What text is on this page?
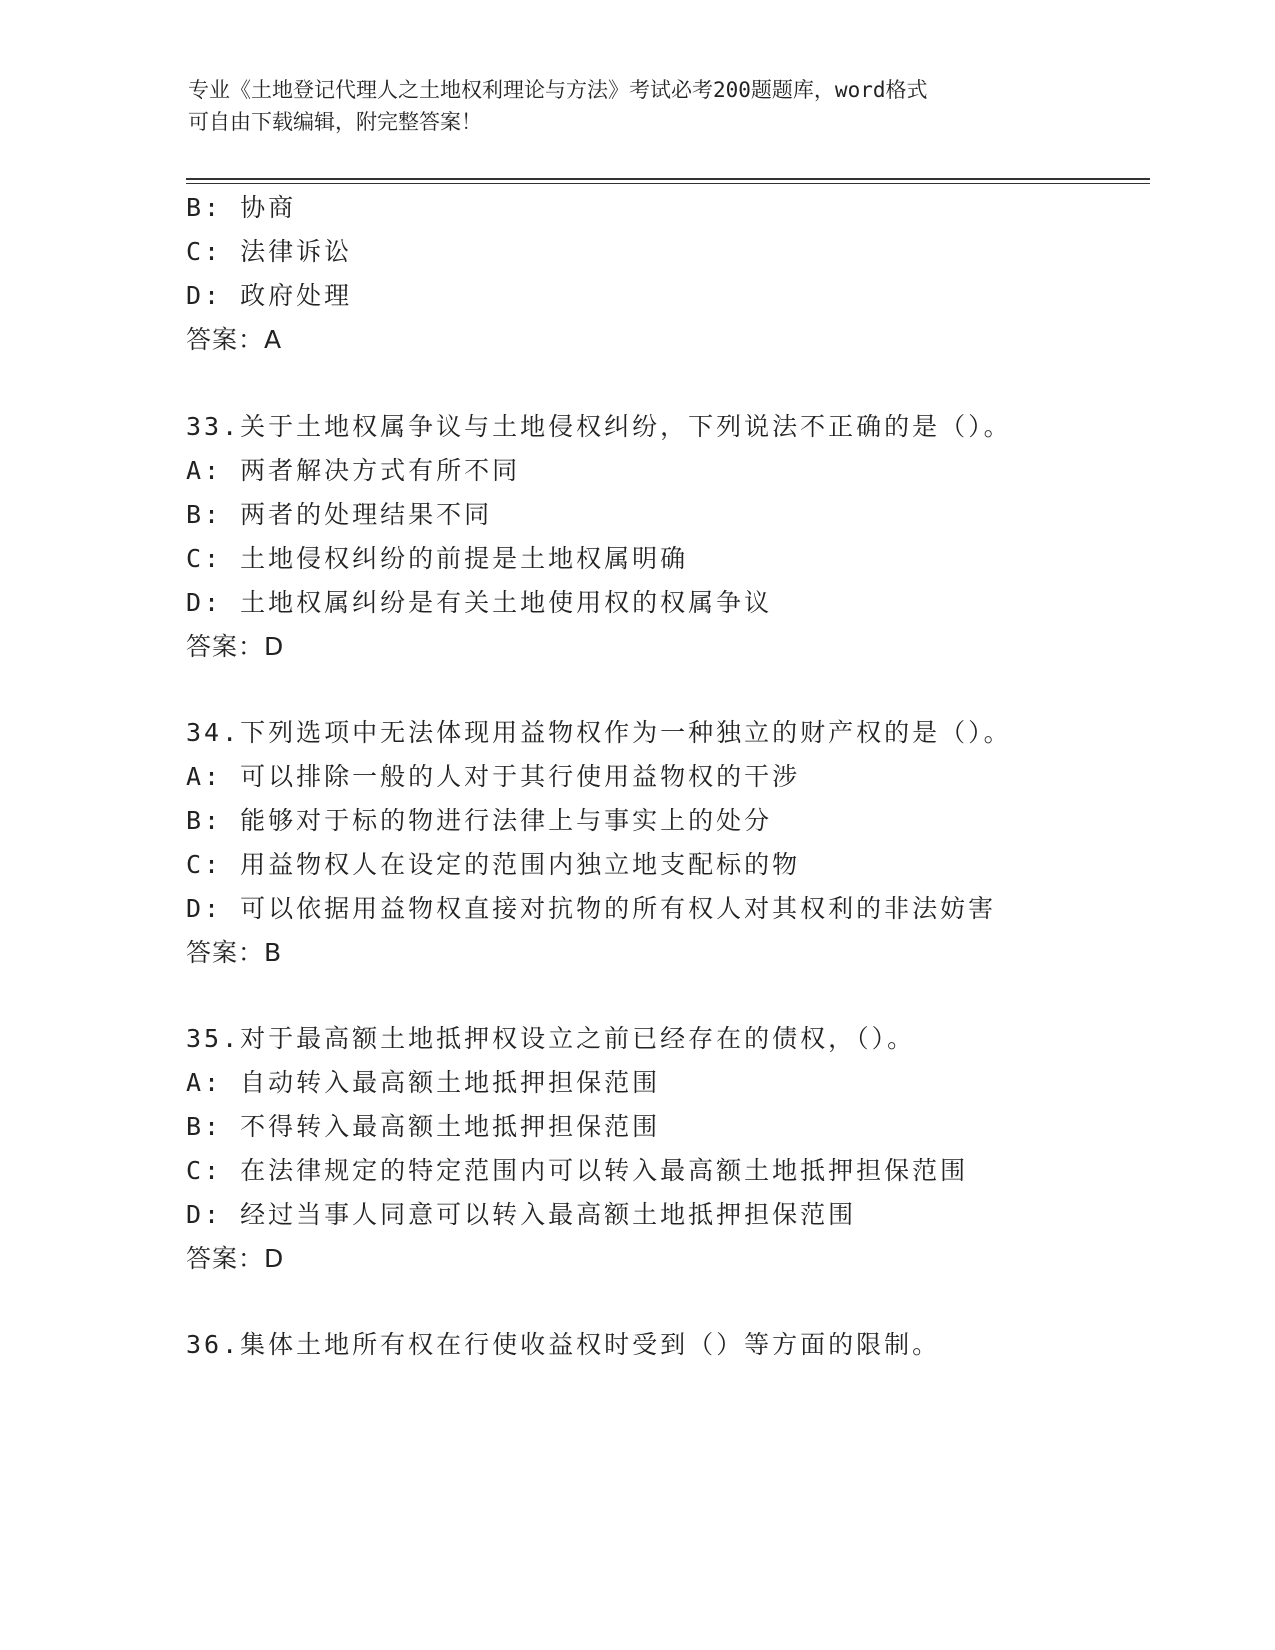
专业《土地登记代理人之土地权利理论与方法》考试必考200题题库，word格式
可自由下载编辑，附完整答案！
B: 协商
C: 法律诉讼
D: 政府处理
答案：A
33.关于土地权属争议与土地侵权纠纷，下列说法不正确的是（）。
A: 两者解决方式有所不同
B: 两者的处理结果不同
C: 土地侵权纠纷的前提是土地权属明确
D: 土地权属纠纷是有关土地使用权的权属争议
答案：D
34.下列选项中无法体现用益物权作为一种独立的财产权的是（）。
A: 可以排除一般的人对于其行使用益物权的干涉
B: 能够对于标的物进行法律上与事实上的处分
C: 用益物权人在设定的范围内独立地支配标的物
D: 可以依据用益物权直接对抗物的所有权人对其权利的非法妨害
答案：B
35.对于最高额土地抵押权设立之前已经存在的债权，（）。
A: 自动转入最高额土地抵押担保范围
B: 不得转入最高额土地抵押担保范围
C: 在法律规定的特定范围内可以转入最高额土地抵押担保范围
D: 经过当事人同意可以转入最高额土地抵押担保范围
答案：D
36.集体土地所有权在行使收益权时受到（）等方面的限制。
